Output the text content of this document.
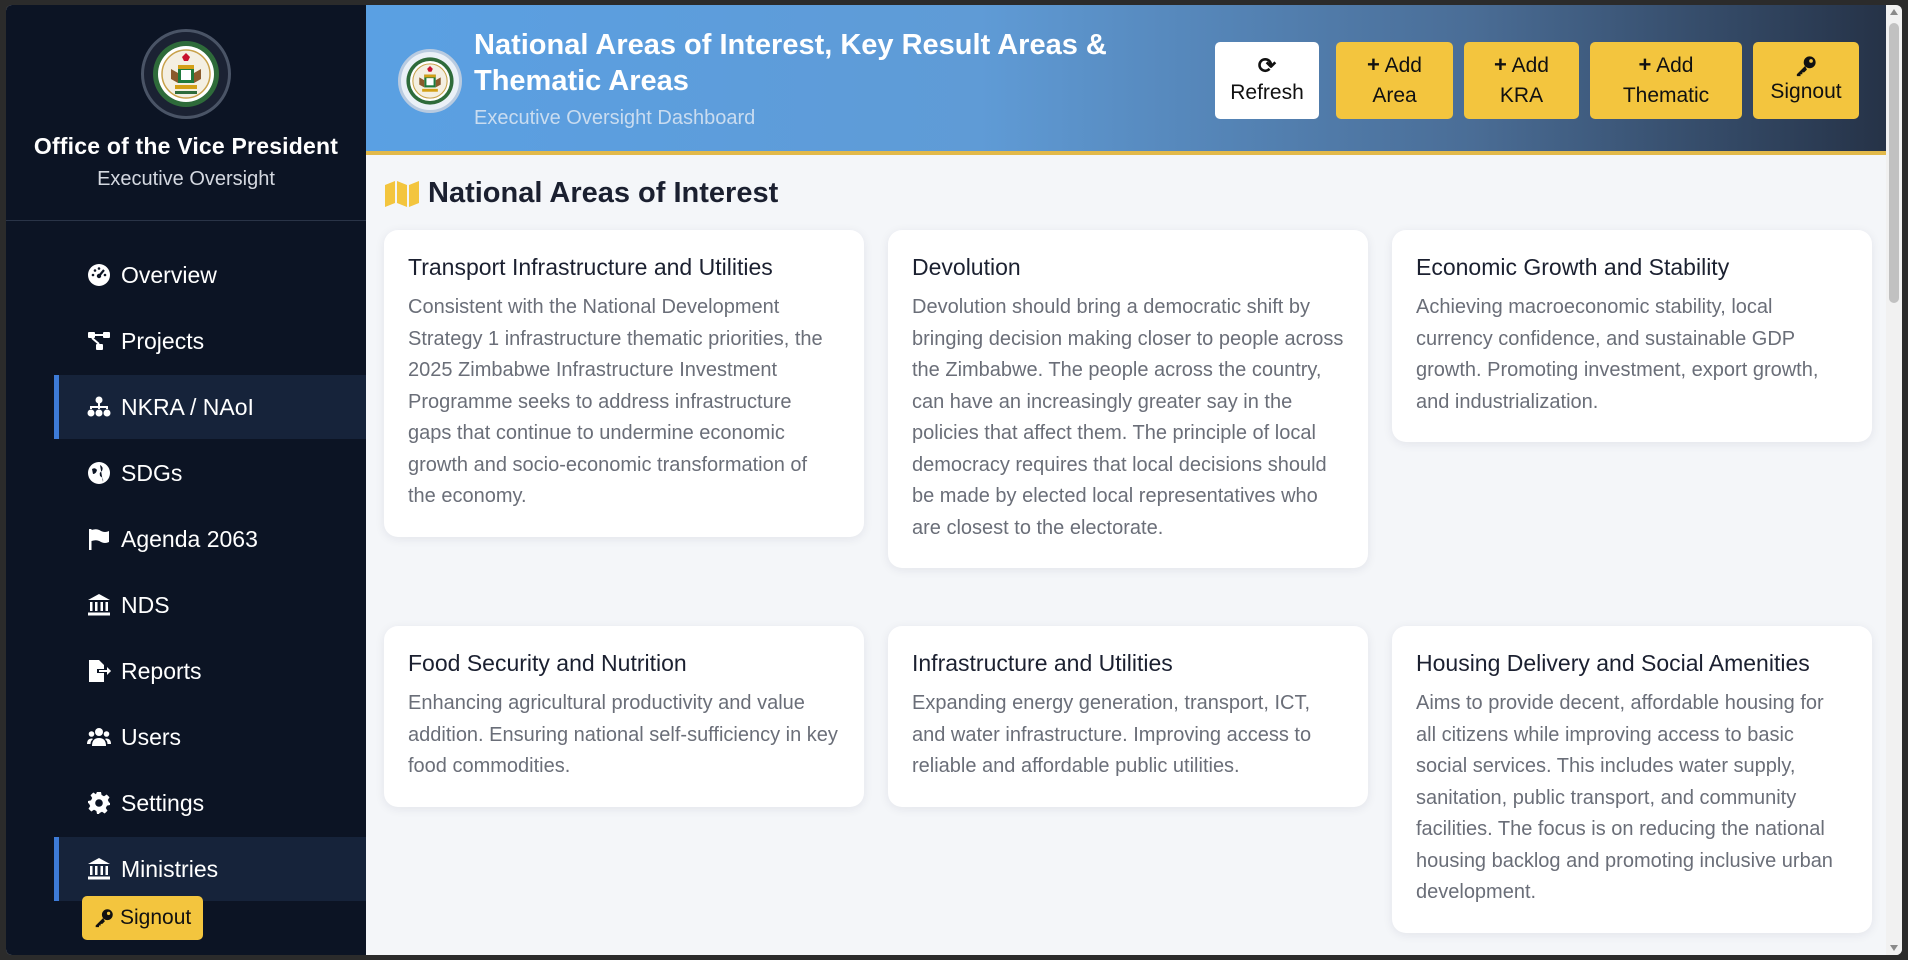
Office of the Vice President
Executive Oversight
Overview
Projects
NKRA / NAoI
SDGs
Agenda 2063
NDS
Reports
Users
Settings
Ministries
Signout
National Areas of Interest, Key Result Areas & Thematic Areas
Executive Oversight Dashboard
⟳
Refresh
+ Add
Area
+ Add
KRA
+ Add
Thematic	Signout
National Areas of Interest
Transport Infrastructure and Utilities

Consistent with the National Development Strategy 1 infrastructure thematic priorities, the 2025 Zimbabwe Infrastructure Investment Programme seeks to address infrastructure gaps that continue to undermine economic growth and socio-economic transformation of the economy.

Devolution

Devolution should bring a democratic shift by bringing decision making closer to people across the Zimbabwe. The people across the country, can have an increasingly greater say in the policies that affect them. The principle of local democracy requires that local decisions should be made by elected local representatives who are closest to the electorate.

Economic Growth and Stability

Achieving macroeconomic stability, local currency confidence, and sustainable GDP growth. Promoting investment, export growth, and industrialization.

Food Security and Nutrition

Enhancing agricultural productivity and value addition. Ensuring national self-sufficiency in key food commodities.

Infrastructure and Utilities

Expanding energy generation, transport, ICT, and water infrastructure. Improving access to reliable and affordable public utilities.

Housing Delivery and Social Amenities

Aims to provide decent, affordable housing for all citizens while improving access to basic social services. This includes water supply, sanitation, public transport, and community facilities. The focus is on reducing the national housing backlog and promoting inclusive urban development.
